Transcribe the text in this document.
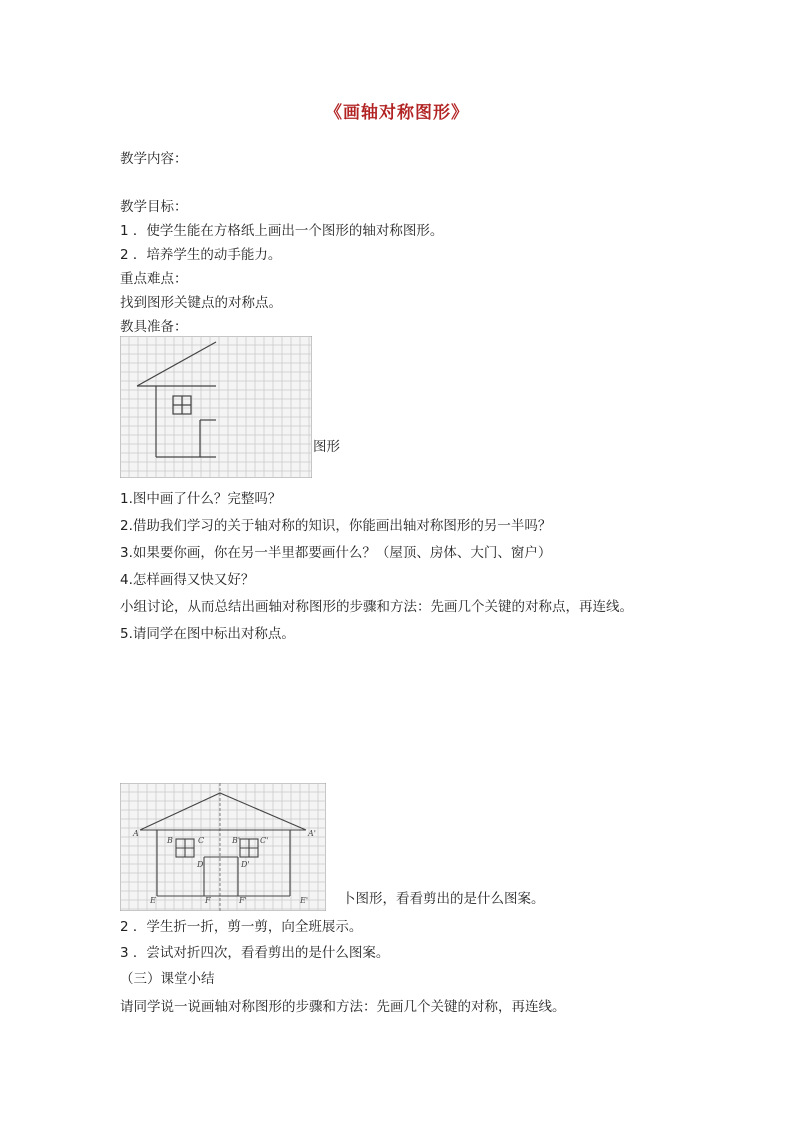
《画轴对称图形》
教学内容：
教学目标：
1 ．使学生能在方格纸上画出一个图形的轴对称图形。
2 ．培养学生的动手能力。
重点难点：
找到图形关键点的对称点。
教具准备：
图形
1.图中画了什么？完整吗？
2.借助我们学习的关于轴对称的知识，你能画出轴对称图形的另一半吗？
3.如果要你画，你在另一半里都要画什么？（屋顶、房体、大门、窗户）
4.怎样画得又快又好？
小组讨论，从而总结出画轴对称图形的步骤和方法：先画几个关键的对称点，再连线。
5.请同学在图中标出对称点。
A	A'
B	C	B' C'
D	D'
E	F	F'	E'	卜图形，看看剪出的是什么图案。
2 ．学生折一折，剪一剪，向全班展示。
3 ．尝试对折四次，看看剪出的是什么图案。
（三）课堂小结
请同学说一说画轴对称图形的步骤和方法：先画几个关键的对称，再连线。
